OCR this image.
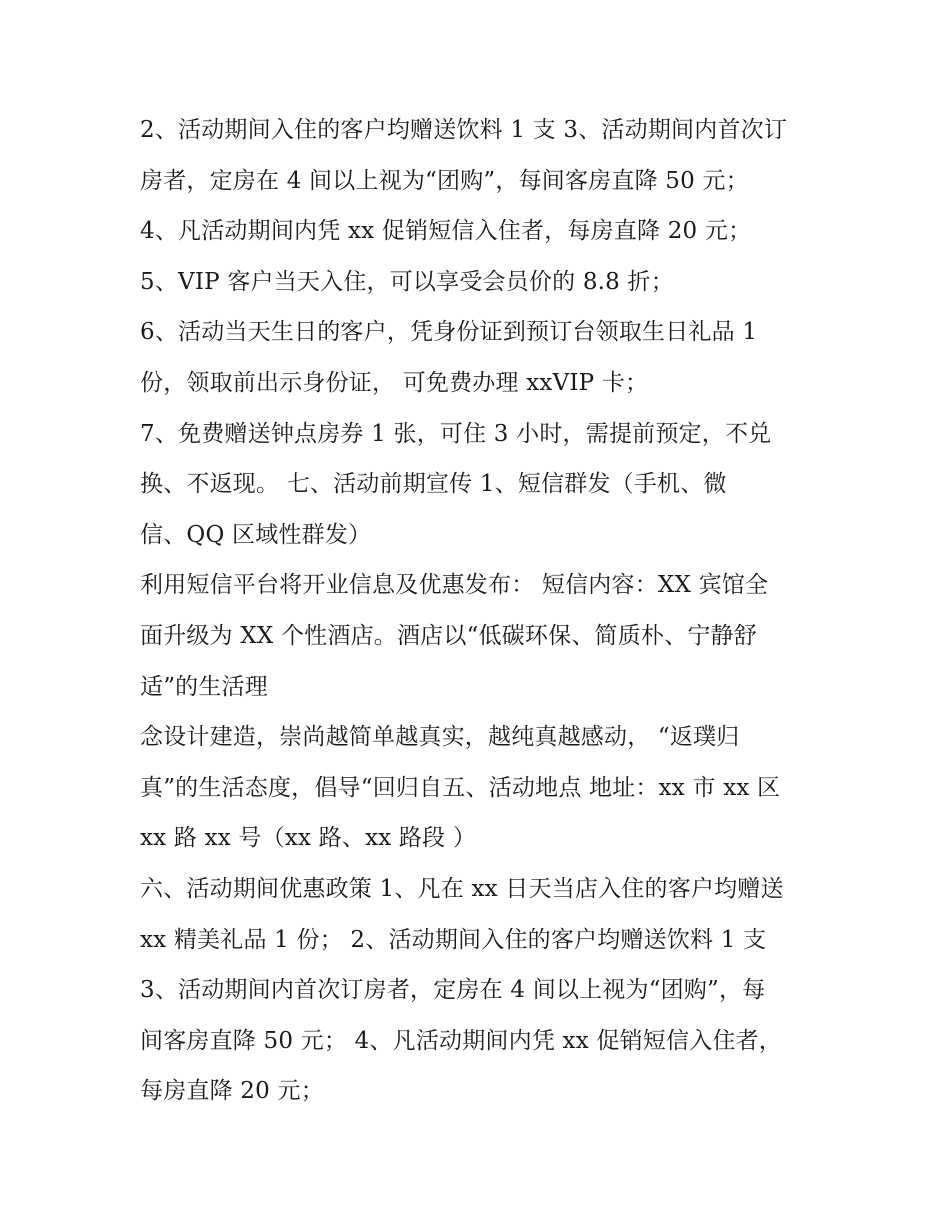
2、活动期间入住的客户均赠送饮料 1 支 3、活动期间内首次订
房者，定房在 4 间以上视为“团购”，每间客房直降 50 元；
4、凡活动期间内凭 xx 促销短信入住者，每房直降 20 元；
5、VIP 客户当天入住，可以享受会员价的 8.8 折；
6、活动当天生日的客户，凭身份证到预订台领取生日礼品 1
份，领取前出示身份证， 可免费办理 xxVIP 卡；
7、免费赠送钟点房券 1 张，可住 3 小时，需提前预定，不兑
换、不返现。 七、活动前期宣传 1、短信群发（手机、微
信、QQ 区域性群发）
利用短信平台将开业信息及优惠发布： 短信内容：XX 宾馆全
面升级为 XX 个性酒店。酒店以“低碳环保、简质朴、宁静舒
适”的生活理
念设计建造，崇尚越简单越真实，越纯真越感动， “返璞归
真”的生活态度，倡导“回归自五、活动地点 地址：xx 市 xx 区
xx 路 xx 号（xx 路、xx 路段 ）
六、活动期间优惠政策 1、凡在 xx 日天当店入住的客户均赠送
xx 精美礼品 1 份； 2、活动期间入住的客户均赠送饮料 1 支
3、活动期间内首次订房者，定房在 4 间以上视为“团购”，每
间客房直降 50 元； 4、凡活动期间内凭 xx 促销短信入住者，
每房直降 20 元；
